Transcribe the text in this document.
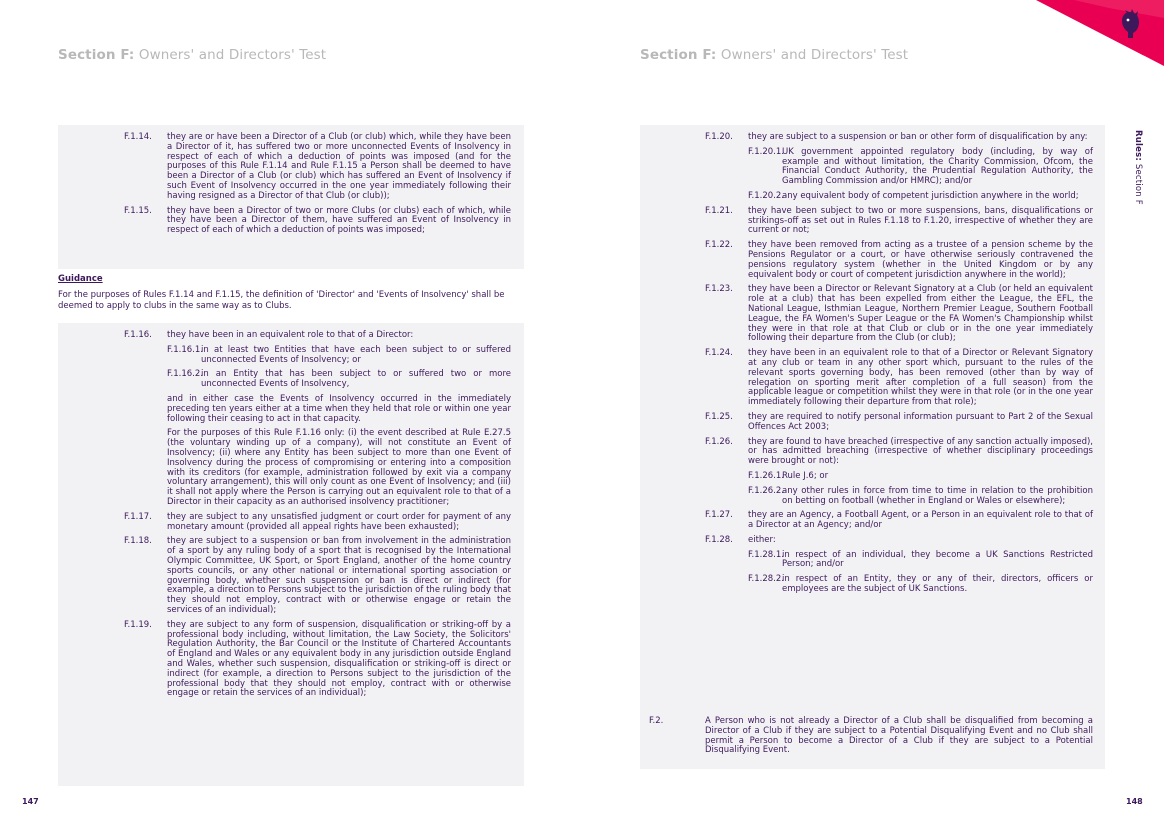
Section F: Owners' and Directors' Test	Section F: Owners' and Directors' Test
Rules: Section F
F.1.14. they are or have been a Director of a Club (or club) which, while they have been a Director of it, has suffered two or more unconnected Events of Insolvency in respect of each of which a deduction of points was imposed (and for the purposes of this Rule F.1.14 and Rule F.1.15 a Person shall be deemed to have been a Director of a Club (or club) which has suffered an Event of Insolvency if such Event of Insolvency occurred in the one year immediately following their having resigned as a Director of that Club (or club));
F.1.15. they have been a Director of two or more Clubs (or clubs) each of which, while they have been a Director of them, have suffered an Event of Insolvency in respect of each of which a deduction of points was imposed;
Guidance
For the purposes of Rules F.1.14 and F.1.15, the definition of 'Director' and 'Events of Insolvency' shall be deemed to apply to clubs in the same way as to Clubs.
F.1.16. they have been in an equivalent role to that of a Director:

F.1.16.1.
in at least two Entities that have each been subject to or suffered unconnected Events of Insolvency; or
F.1.16.2.
in an Entity that has been subject to or suffered two or more unconnected Events of Insolvency,

and in either case the Events of Insolvency occurred in the immediately preceding ten years either at a time when they held that role or within one year following their ceasing to act in that capacity.

For the purposes of this Rule F.1.16 only: (i) the event described at Rule E.27.5 (the voluntary winding up of a company), will not constitute an Event of Insolvency; (ii) where any Entity has been subject to more than one Event of Insolvency during the process of compromising or entering into a composition with its creditors (for example, administration followed by exit via a company voluntary arrangement), this will only count as one Event of Insolvency; and (iii) it shall not apply where the Person is carrying out an equivalent role to that of a Director in their capacity as an authorised insolvency practitioner;

F.1.17. they are subject to any unsatisfied judgment or court order for payment of any monetary amount (provided all appeal rights have been exhausted);
F.1.18. they are subject to a suspension or ban from involvement in the administration of a sport by any ruling body of a sport that is recognised by the International Olympic Committee, UK Sport, or Sport England, another of the home country sports councils, or any other national or international sporting association or governing body, whether such suspension or ban is direct or indirect (for example, a direction to Persons subject to the jurisdiction of the ruling body that they should not employ, contract with or otherwise engage or retain the services of an individual);
F.1.19. they are subject to any form of suspension, disqualification or striking-off by a professional body including, without limitation, the Law Society, the Solicitors' Regulation Authority, the Bar Council or the Institute of Chartered Accountants of England and Wales or any equivalent body in any jurisdiction outside England and Wales, whether such suspension, disqualification or striking-off is direct or indirect (for example, a direction to Persons subject to the jurisdiction of the professional body that they should not employ, contract with or otherwise engage or retain the services of an individual);
F.1.20. they are subject to a suspension or ban or other form of disqualification by any:

F.1.20.1.
UK government appointed regulatory body (including, by way of example and without limitation, the Charity Commission, Ofcom, the Financial Conduct Authority, the Prudential Regulation Authority, the Gambling Commission and/or HMRC); and/or
F.1.20.2.
any equivalent body of competent jurisdiction anywhere in the world;
F.1.21. they have been subject to two or more suspensions, bans, disqualifications or strikings-off as set out in Rules F.1.18 to F.1.20, irrespective of whether they are current or not;
F.1.22. they have been removed from acting as a trustee of a pension scheme by the Pensions Regulator or a court, or have otherwise seriously contravened the pensions regulatory system (whether in the United Kingdom or by any equivalent body or court of competent jurisdiction anywhere in the world);
F.1.23. they have been a Director or Relevant Signatory at a Club (or held an equivalent role at a club) that has been expelled from either the League, the EFL, the National League, Isthmian League, Northern Premier League, Southern Football League, the FA Women's Super League or the FA Women's Championship whilst they were in that role at that Club or club or in the one year immediately following their departure from the Club (or club);
F.1.24. they have been in an equivalent role to that of a Director or Relevant Signatory at any club or team in any other sport which, pursuant to the rules of the relevant sports governing body, has been removed (other than by way of relegation on sporting merit after completion of a full season) from the applicable league or competition whilst they were in that role (or in the one year immediately following their departure from that role);
F.1.25. they are required to notify personal information pursuant to Part 2 of the Sexual Offences Act 2003;
F.1.26. they are found to have breached (irrespective of any sanction actually imposed), or has admitted breaching (irrespective of whether disciplinary proceedings were brought or not):

F.1.26.1.
Rule J.6; or
F.1.26.2.
any other rules in force from time to time in relation to the prohibition on betting on football (whether in England or Wales or elsewhere);
F.1.27. they are an Agency, a Football Agent, or a Person in an equivalent role to that of a Director at an Agency; and/or
F.1.28. either:

F.1.28.1.
in respect of an individual, they become a UK Sanctions Restricted Person; and/or
F.1.28.2.
in respect of an Entity, they or any of their, directors, officers or employees are the subject of UK Sanctions.
F.2.	A Person who is not already a Director of a Club shall be disqualified from becoming a Director of a Club if they are subject to a Potential Disqualifying Event and no Club shall permit a Person to become a Director of a Club if they are subject to a Potential Disqualifying Event.
147	148
